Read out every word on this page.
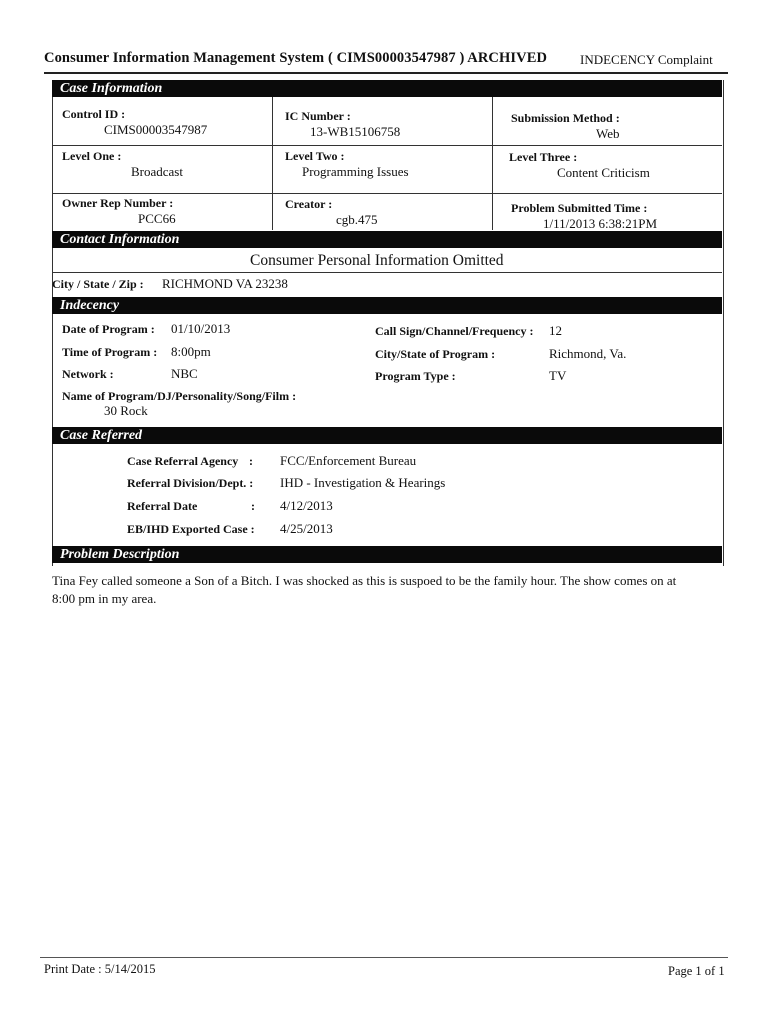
Consumer Information Management System ( CIMS00003547987 ) ARCHIVED	INDECENCY Complaint
Case Information
Control ID :
CIMS00003547987
IC Number :
13-WB15106758
Submission Method :
Web
Level One :
Broadcast
Level Two :
Programming Issues
Level Three :
Content Criticism
Owner Rep Number :
PCC66
Creator :
cgb.475
Problem Submitted Time :
1/11/2013 6:38:21PM
Contact Information
Consumer Personal Information Omitted
City / State / Zip : RICHMOND VA 23238
Indecency
Date of Program : 01/10/2013
Time of Program : 8:00pm
Network :	NBC
Call Sign/Channel/Frequency : 12
City/State of Program :	Richmond, Va.
Program Type :	TV
Name of Program/DJ/Personality/Song/Film :
30 Rock
Case Referred
Case Referral Agency : FCC/Enforcement Bureau
Referral Division/Dept. : IHD - Investigation & Hearings
Referral Date	: 4/12/2013
EB/IHD Exported Case : 4/25/2013
Problem Description
Tina Fey called someone a Son of a Bitch. I was shocked as this is suspoed to be the family hour. The show comes on at
8:00 pm in my area.
Print Date : 5/14/2015	Page 1 of 1
